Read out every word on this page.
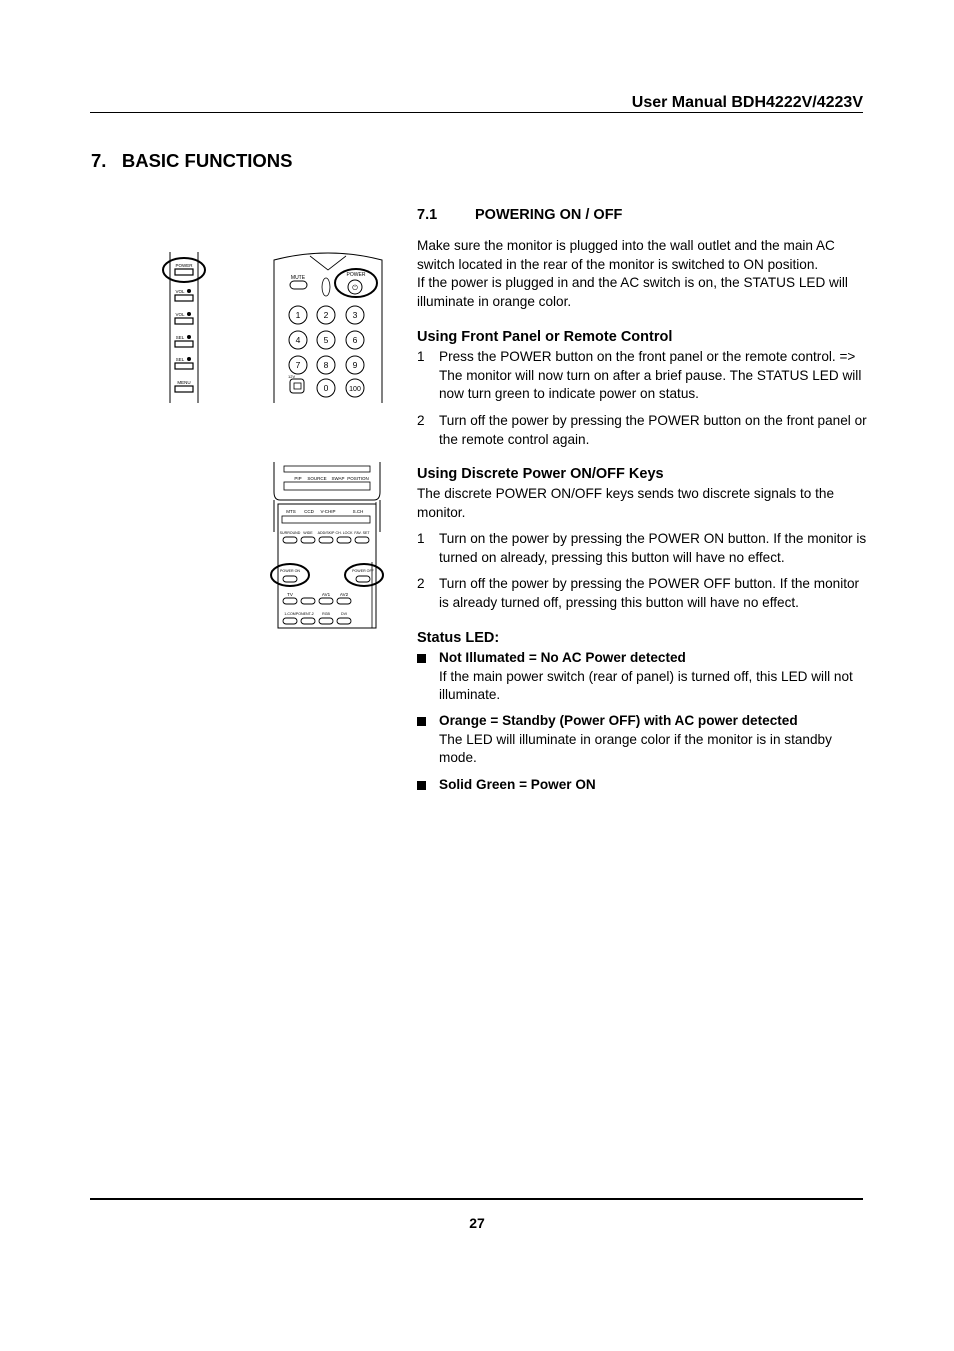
User Manual BDH4222V/4223V
7. BASIC FUNCTIONS
7.1	POWERING ON / OFF
Make sure the monitor is plugged into the wall outlet and the main AC switch located in the rear of the monitor is switched to ON position.
If the power is plugged in and the AC switch is on, the STATUS LED will illuminate in orange color.
Using Front Panel or Remote Control
1 Press the POWER button on the front panel or the remote control. => The monitor will now turn on after a brief pause. The STATUS LED will now turn green to indicate power on status.
2 Turn off the power by pressing the POWER button on the front panel or the remote control again.
Using Discrete Power ON/OFF Keys
The discrete POWER ON/OFF keys sends two discrete signals to the monitor.
1 Turn on the power by pressing the POWER ON button. If the monitor is turned on already, pressing this button will have no effect.
2 Turn off the power by pressing the POWER OFF button. If the monitor is already turned off, pressing this button will have no effect.
Status LED:
Not Illumated = No AC Power detected
If the main power switch (rear of panel) is turned off, this LED will not illuminate.
Orange = Standby (Power OFF) with AC power detected
The LED will illuminate in orange color if the monitor is in standby mode.
Solid Green = Power ON
POWER
VOL
VOL
SEL
SEL
MENU
MUTE	POWER
⏻
1	2	3
4	5	6
7	8	9
0	100
12V
PIP SOURCE SWAP POSITION
MTS CCD V-CHIP	S.CH
SURROUND WIDE ADD/SKIP CH. LOCK FAV. SET
POWER ON	POWER OFF
TV	AV1 AV2
1-COMPONENT-2 RGB	DVI
27
